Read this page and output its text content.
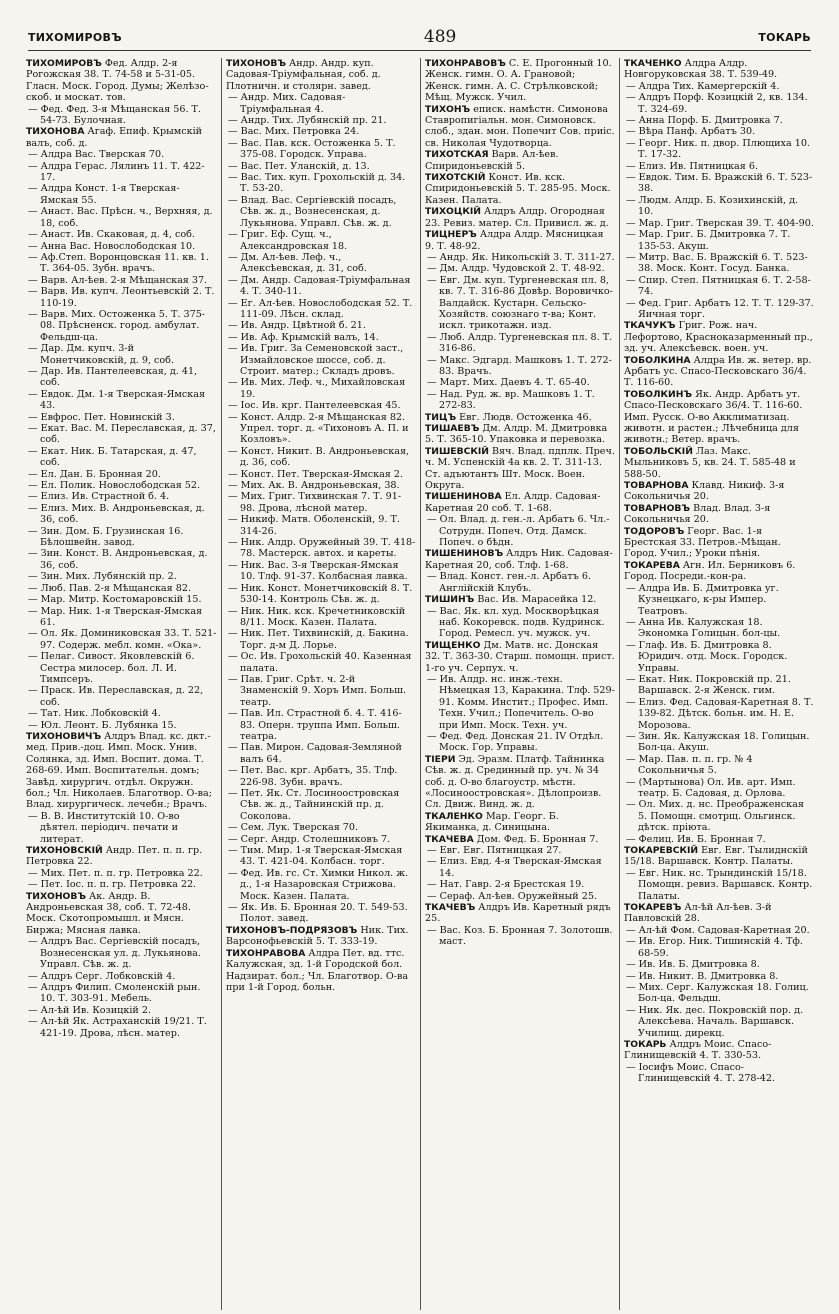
ТИХОМИРОВЪ	489	ТОКАРЬ
ТИХОМИРОВЪ Фед. Алдр. 2-я Рогожская 38. Т. 74-58 и 5-31-05. Гласн. Моск. Город. Думы; Желѣзо-скоб. и москат. тов.
— Фед. Фед. 3-я Мѣщанская 56. Т. 54-73. Булочная.
ТИХОНОВА Агаф. Епиф. Крымскій валъ, соб. д.
— Алдра Вас. Тверская 70.
— Алдра Герас. Лялинъ 11. Т. 422-17.
— Алдра Конст. 1-я Тверская-Ямская 55.
— Анаст. Вас. Прѣсн. ч., Верхняя, д. 18, соб.
— Анаст. Ив. Скаковая, д. 4, соб.
— Анна Вас. Новослободская 10.
— Аф.Степ. Воронцовская 11. кв. 1. Т. 364-05. Зубн. врачъ.
— Варв. Ал-ѣев. 2-я Мѣщанская 37.
— Варв. Ив. купч. Леонтьевскій 2. Т. 110-19.
— Варв. Мих. Остоженка 5. Т. 375-08. Прѣсненск. город. амбулат. Фельдш-ца.
— Дар. Дм. купч. 3-й Монетчиковскій, д. 9, соб.
— Дар. Ив. Пантелеевская, д. 41, соб.
— Евдок. Дм. 1-я Тверская-Ямская 43.
— Евфрос. Пет. Новинскій 3.
— Екат. Вас. М. Переславская, д. 37, соб.
— Екат. Ник. Б. Татарская, д. 47, соб.
— Ел. Дан. Б. Бронная 20.
— Ел. Полик. Новослободская 52.
— Елиз. Ив. Страстной б. 4.
— Елиз. Мих. В. Андроньевская, д. 36, соб.
— Зин. Дом. Б. Грузинская 16. Бѣлошвейн. завод.
— Зин. Конст. В. Андроньевская, д. 36, соб.
— Зин. Мих. Лубянскій пр. 2.
— Люб. Пав. 2-я Мѣщанская 82.
— Мар. Митр. Костомаровскій 15.
— Мар. Ник. 1-я Тверская-Ямская 61.
— Ол. Як. Доминиковская 33. Т. 521-97. Содерж. мебл. комн. «Ока».
— Пелаг. Сивост. Яковлевскій 6. Сестра милосер. бол. Л. И. Тимпсеръ.
— Праск. Ив. Переславская, д. 22, соб.
— Тат. Ник. Лобковскій 4.
— Юл. Леонт. Б. Лубянка 15.
ТИХОНОВИЧЪ Алдръ Влад. кс. дкт.-мед. Прив.-доц. Имп. Моск. Унив. Солянка, зд. Имп. Воспит. дома. Т. 268-69. Имп. Воспитательн. домъ; Завѣд. хирургич. отдѣл. Окружн. бол.; Чл. Николаев. Благотвор. О-ва; Влад. хирургическ. лечебн.; Врачъ.
— В. В. Институтскій 10. О-во дѣятел. періодич. печати и литерат.
ТИХОНОВСКІЙ Андр. Пет. п. п. гр. Петровка 22.
— Мих. Пет. п. п. гр. Петровка 22.
— Пет. Іос. п. п. гр. Петровка 22.
ТИХОНОВЪ Ак. Андр. В. Андроньевская 38, соб. Т. 72-48. Моск. Скотопромышл. и Мясн. Биржа; Мясная лавка.
— Алдръ Вас. Сергіевскій посадъ, Вознесенская ул. д. Лукьянова. Управл. Сѣв. ж. д.
— Алдръ Серг. Лобковскій 4.
— Алдръ Филип. Смоленскій рын. 10. Т. 303-91. Мебель.
— Ал-ѣй Ив. Козицкій 2.
— Ал-ѣй Як. Астраханскій 19/21. Т. 421-19. Дрова, лѣсн. матер.
ТИХОНОВЪ Андр. Андр. куп. Садовая-Тріумфальная, соб. д. Плотничн. и столярн. завед.
— Андр. Мих. Садовая-Тріумфальная 4.
— Андр. Тих. Лубянскій пр. 21.
— Вас. Мих. Петровка 24.
— Вас. Пав. кск. Остоженка 5. Т. 375-08. Городск. Управа.
— Вас. Пет. Уланскій, д. 13.
— Вас. Тих. куп. Грохольскій д. 34. Т. 53-20.
— Влад. Вас. Сергіевскій посадъ, Сѣв. ж. д., Вознесенская, д. Лукьянова. Управл. Сѣв. ж. д.
— Григ. Еф. Сущ. ч., Александровская 18.
— Дм. Ал-ѣев. Леф. ч., Алексѣевская, д. 31, соб.
— Дм. Андр. Садовая-Тріумфальная 4. Т. 340-11.
— Ег. Ал-ѣев. Новослободская 52. Т. 111-09. Лѣсн. склад.
— Ив. Андр. Цвѣтной б. 21.
— Ив. Аф. Крымскій валъ, 14.
— Ив. Григ. За Семеновской заст., Измайловское шоссе, соб. д. Строит. матер.; Складъ дровъ.
— Ив. Мих. Леф. ч., Михайловская 19.
— Іос. Ив. крг. Пантелеевская 45.
— Конст. Алдр. 2-я Мѣщанская 82. Упрел. торг. д. «Тихоновъ А. П. и Козловъ».
— Конст. Никит. В. Андроньевская, д. 36, соб.
— Конст. Пет. Тверская-Ямская 2.
— Мих. Ак. В. Андроньевская, 38.
— Мих. Григ. Тихвинская 7. Т. 91-98. Дрова, лѣсной матер.
— Никиф. Матв. Оболенскій, 9. Т. 314-26.
— Ник. Алдр. Оружейный 39. Т. 418-78. Мастерск. автох. и кареты.
— Ник. Вас. 3-я Тверская-Ямская 10. Тлф. 91-37. Колбасная лавка.
— Ник. Конст. Монетчиковскій 8. Т. 530-14. Контроль Сѣв. ж. д.
— Ник. Ник. кск. Кречетниковскій 8/11. Моск. Казен. Палата.
— Ник. Пет. Тихвинскій, д. Бакина. Торг. д-м Д. Лорье.
— Ос. Ив. Грохольскій 40. Казенная палата.
— Пав. Григ. Срѣт. ч. 2-й Знаменскій 9. Хоръ Имп. Больш. театр.
— Пав. Ил. Страстной б. 4. Т. 416-83. Оперн. труппа Имп. Больш. театра.
— Пав. Мирон. Садовая-Земляной валъ 64.
— Пет. Вас. крг. Арбатъ, 35. Тлф. 226-98. Зубн. врачъ.
— Пет. Як. Ст. Лосиноостровская Сѣв. ж. д., Тайнинскій пр. д. Соколова.
— Сем. Лук. Тверская 70.
— Серг. Андр. Столешниковъ 7.
— Тим. Мир. 1-я Тверская-Ямская 43. Т. 421-04. Колбасн. торг.
— Фед. Ив. гс. Ст. Химки Никол. ж. д., 1-я Назаровская Стрижова. Моск. Казен. Палата.
— Як. Ив. Б. Бронная 20. Т. 549-53. Полот. завед.
ТИХОНОВЪ-ПОДРЯЗОВЪ Ник. Тих. Варсонофьевскій 5. Т. 333-19.
ТИХОНРАВОВА Алдра Пет. вд. ттс. Калужская, зд. 1-й Городской бол. Надзират. бол.; Чл. Благотвор. О-ва при 1-й Город. больн.
ТИХОНРАВОВЪ С. Е. Прогонный 10. Женск. гимн. О. А. Грановой; Женск. гимн. А. С. Стрѣлковской; Мѣщ. Мужск. Учил.
ТИХОНЪ еписк. намѣстн. Симонова Ставропигіальн. мон. Симоновск. слоб., здан. мон. Попечит Сов. приіс. св. Николая Чудотворца.
ТИХОТСКАЯ Варв. Ал-ѣев. Спиридоньевскій 5.
ТИХОТСКІЙ Конст. Ив. кск. Спиридоньевскій 5. Т. 285-95. Моск. Казен. Палата.
ТИХОЦКІЙ Алдръ Алдр. Огородная 23. Ревиз. матер. Сл. Привисл. ж. д.
ТИЦНЕРЪ Алдра Алдр. Мясницкая 9. Т. 48-92.
— Андр. Як. Никольскій 3. Т. 311-27.
— Дм. Алдр. Чудовской 2. Т. 48-92.
— Евг. Дм. куп. Тургеневская пл. 8, кв. 7. Т. 316-86 Довѣр. Воровичко-Валдайск. Кустарн. Сельско-Хозяйств. союзнаго т-ва; Конт. искл. трикотажн. изд.
— Люб. Алдр. Тургеневская пл. 8. Т. 316-86.
— Макс. Эдгард. Машковъ 1. Т. 272-83. Врачъ.
— Март. Мих. Даевъ 4. Т. 65-40.
— Над. Руд. ж. вр. Машковъ 1. Т. 272-83.
ТИЦЪ Евг. Людв. Остоженка 46.
ТИШАЕВЪ Дм. Алдр. М. Дмитровка 5. Т. 365-10. Упаковка и перевозка.
ТИШЕВСКІЙ Вяч. Влад. пдплк. Преч. ч. М. Успенскій 4а кв. 2. Т. 311-13. Ст. адъютантъ Шт. Моск. Воен. Округа.
ТИШЕНИНОВА Ел. Алдр. Садовая-Каретная 20 соб. Т. 1-68.
— Ол. Влад. д. ген.-л. Арбатъ 6. Чл.-Сотрудн. Попеч. Отд. Дамск. Попеч. о бѣдн.
ТИШЕНИНОВЪ Алдръ Ник. Садовая-Каретная 20, соб. Тлф. 1-68.
— Влад. Конст. ген.-л. Арбатъ 6. Англійскій Клубъ.
ТИШИНЪ Вас. Ив. Марасейка 12.
— Вас. Як. кл. худ. Москворѣцкая наб. Кокоревск. подв. Кудринск. Город. Ремесл. уч. мужск. уч.
ТИЩЕНКО Дм. Матв. нс. Донская 32. Т. 363-30. Старш. помощн. прист. 1-го уч. Серпух. ч.
— Ив. Алдр. нс. инж.-техн. Нѣмецкая 13, Каракина. Тлф. 529-91. Комм. Инстит.; Профес. Имп. Техн. Учил.; Попечитель. О-во при Имп. Моск. Техн. уч.
— Фед. Фед. Донская 21. IV Отдѣл. Моск. Гор. Управы.
ТІЕРИ Эд. Эразм. Платф. Тайнинка Сѣв. ж. д. Срединный пр. уч. № 34 соб. д. О-во благоустр. мѣстн. «Лосиноостровская». Дѣлопроизв. Сл. Движ. Винд. ж. д.
ТКАЛЕНКО Мар. Георг. Б. Якиманка, д. Синицына.
ТКАЧЕВА Дом. Фед. Б. Бронная 7.
— Евг. Евг. Пятницкая 27.
— Елиз. Евд. 4-я Тверская-Ямская 14.
— Нат. Гавр. 2-я Брестская 19.
— Сераф. Ал-ѣев. Оружейный 25.
ТКАЧЕВЪ Алдръ Ив. Каретный рядъ 25.
— Вас. Коз. Б. Бронная 7. Золотошв. маст.
ТКАЧЕНКО Алдра Алдр. Новгоруковская 38. Т. 539-49.
— Алдра Тих. Камергерскій 4.
— Алдръ Порф. Козицкій 2, кв. 134. Т. 324-69.
— Анна Порф. Б. Дмитровка 7.
— Вѣра Панф. Арбатъ 30.
— Георг. Ник. п. двор. Плющиха 10. Т. 17-32.
— Елиз. Ив. Пятницкая 6.
— Евдок. Тим. Б. Вражскій 6. Т. 523-38.
— Людм. Алдр. Б. Козихинскій, д. 10.
— Мар. Григ. Тверская 39. Т. 404-90.
— Мар. Григ. Б. Дмитровка 7. Т. 135-53. Акуш.
— Митр. Вас. Б. Вражскій 6. Т. 523-38. Моск. Конт. Госуд. Банка.
— Спир. Степ. Пятницкая 6. Т. 2-58-74.
— Фед. Григ. Арбатъ 12. Т. Т. 129-37. Яичная торг.
ТКАЧУКЪ Григ. Рож. нач. Лефортово, Красноказарменный пр., зд. уч. Алексѣевск. воен. уч.
ТОБОЛКИНА Алдра Ив. ж. ветер. вр. Арбатъ ус. Спасо-Песковскаго 36/4. Т. 116-60.
ТОБОЛКИНЪ Як. Андр. Арбатъ ут. Спасо-Песковскаго 36/4. Т. 116-60. Имп. Русск. О-во Акклиматизац. животн. и растен.; Лѣчебница для животн.; Ветер. врачъ.
ТОБОЛЬСКІЙ Лаз. Макс. Мыльниковъ 5, кв. 24. Т. 585-48 и 588-50.
ТОВАРНОВА Клавд. Никиф. 3-я Сокольничья 20.
ТОВАРНОВЪ Влад. Влад. 3-я Сокольничья 20.
ТОДОРОВЪ Георг. Вас. 1-я Брестская 33. Петров.-Мѣщан. Город. Учил.; Уроки пѣнія.
ТОКАРЕВА Агн. Ил. Берниковъ 6. Город. Посреди.-кон-ра.
— Алдра Ив. Б. Дмитровка уг. Кузнецкаго, к-ры Импер. Театровъ.
— Анна Ив. Калужская 18. Экономка Голицын. бол-цы.
— Глаф. Ив. Б. Дмитровка 8. Юридич. отд. Моск. Городск. Управы.
— Екат. Ник. Покровскій пр. 21. Варшавск. 2-я Женск. гим.
— Елиз. Фед. Садовая-Каретная 8. Т. 139-82. Дѣтск. больн. им. Н. Е. Морозова.
— Зин. Як. Калужская 18. Голицын. Бол-ца. Акуш.
— Мар. Пав. п. п. гр. № 4 Сокольничья 5.
— (Мартынова) Ол. Ив. арт. Имп. театр. Б. Садовая, д. Орлова.
— Ол. Мих. д. нс. Преображенская 5. Помощн. смотрщ. Ольгинск. дѣтск. пріюта.
— Фелиц. Ив. Б. Бронная 7.
ТОКАРЕВСКІЙ Евг. Евг. Тылиднскій 15/18. Варшавск. Контр. Палаты.
— Евг. Ник. нс. Трындинскій 15/18. Помощн. ревиз. Варшавск. Контр. Палаты.
ТОКАРЕВЪ Ал-ѣй Ал-ѣев. 3-й Павловскій 28.
— Ал-ѣй Фом. Садовая-Каретная 20.
— Ив. Егор. Ник. Тишинскій 4. Тф. 68-59.
— Ив. Ив. Б. Дмитровка 8.
— Ив. Никит. В. Дмитровка 8.
— Мих. Серг. Калужская 18. Голиц. Бол-ца. Фельдш.
— Ник. Як. дес. Покровскій пор. д. Алексѣева. Началь. Варшавск. Училищ. дирекц.
ТОКАРЬ Алдръ Моис. Спасо-Глинищевскій 4. Т. 330-53.
— Іосифъ Моис. Спасо-Глинищевскій 4. Т. 278-42.
